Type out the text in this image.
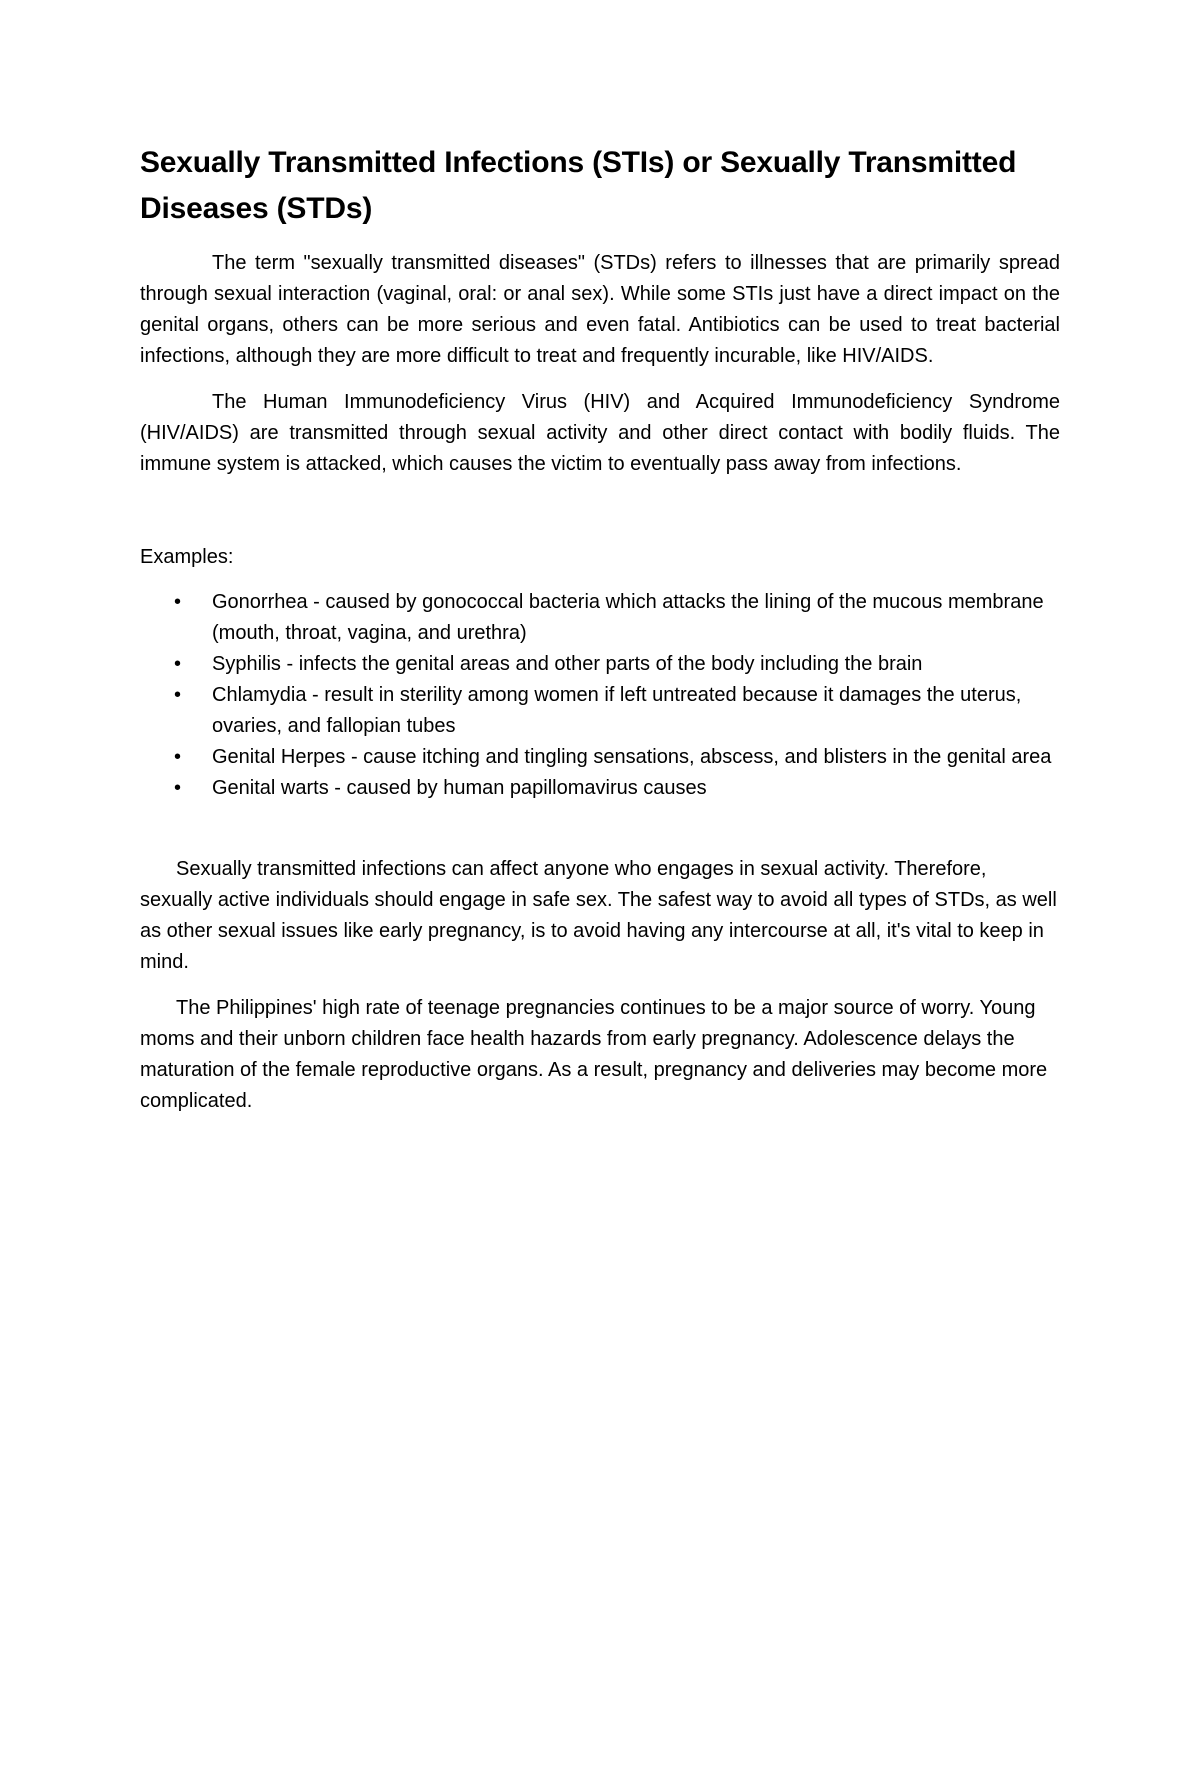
Sexually Transmitted Infections (STIs) or Sexually Transmitted Diseases (STDs)

The term "sexually transmitted diseases" (STDs) refers to illnesses that are primarily spread through sexual interaction (vaginal, oral: or anal sex). While some STIs just have a direct impact on the genital organs, others can be more serious and even fatal. Antibiotics can be used to treat bacterial infections, although they are more difficult to treat and frequently incurable, like HIV/AIDS.

The Human Immunodeficiency Virus (HIV) and Acquired Immunodeficiency Syndrome (HIV/AIDS) are transmitted through sexual activity and other direct contact with bodily fluids. The immune system is attacked, which causes the victim to eventually pass away from infections.

Examples:

• Gonorrhea - caused by gonococcal bacteria which attacks the lining of the mucous membrane (mouth, throat, vagina, and urethra)
• Syphilis - infects the genital areas and other parts of the body including the brain
• Chlamydia - result in sterility among women if left untreated because it damages the uterus, ovaries, and fallopian tubes
• Genital Herpes - cause itching and tingling sensations, abscess, and blisters in the genital area
• Genital warts - caused by human papillomavirus causes

Sexually transmitted infections can affect anyone who engages in sexual activity. Therefore, sexually active individuals should engage in safe sex. The safest way to avoid all types of STDs, as well as other sexual issues like early pregnancy, is to avoid having any intercourse at all, it's vital to keep in mind.

The Philippines' high rate of teenage pregnancies continues to be a major source of worry. Young moms and their unborn children face health hazards from early pregnancy. Adolescence delays the maturation of the female reproductive organs. As a result, pregnancy and deliveries may become more complicated.
